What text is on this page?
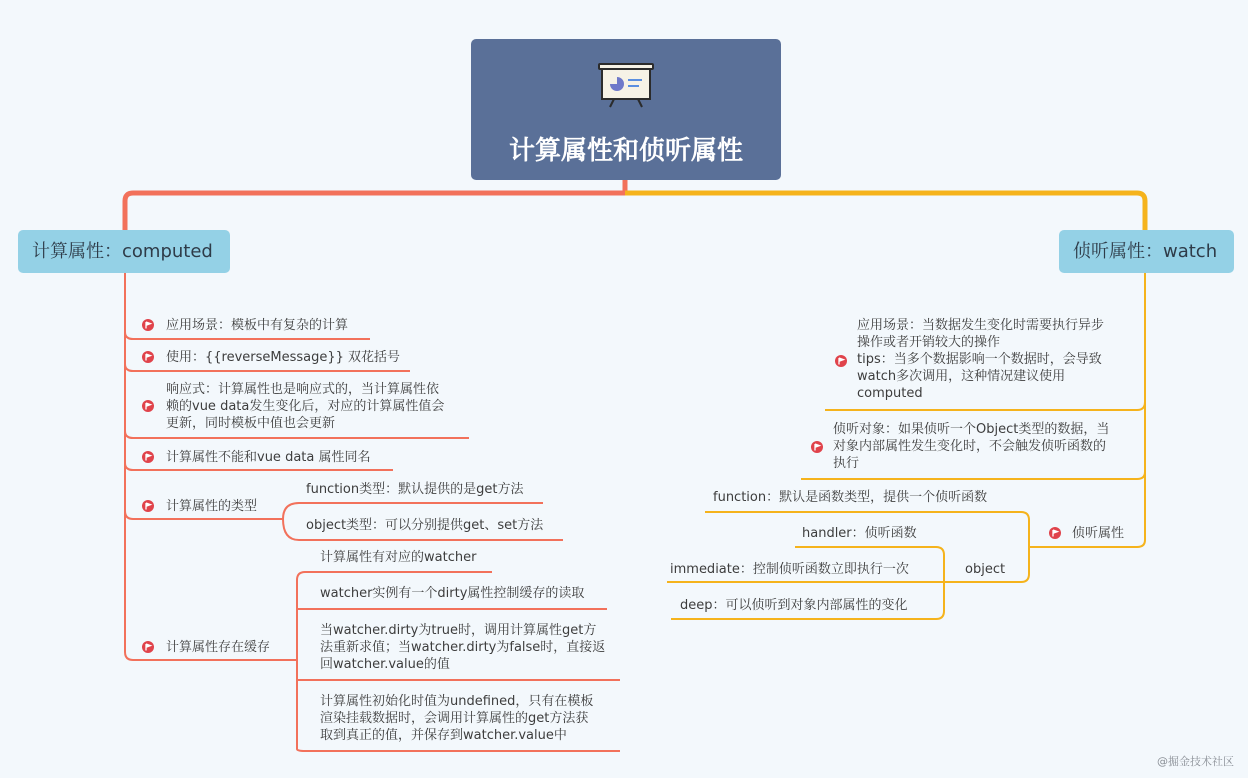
计算属性和侦听属性
计算属性：computed	侦听属性：watch
应用场景：模板中有复杂的计算
使用：{{reverseMessage}} 双花括号
响应式：计算属性也是响应式的，当计算属性依
赖的vue data发生变化后，对应的计算属性值会
更新，同时模板中值也会更新
计算属性不能和vue data 属性同名
计算属性的类型
function类型：默认提供的是get方法
object类型：可以分别提供get、set方法
计算属性存在缓存
计算属性有对应的watcher
watcher实例有一个dirty属性控制缓存的读取
当watcher.dirty为true时，调用计算属性get方
法重新求值；当watcher.dirty为false时，直接返
回watcher.value的值
计算属性初始化时值为undefined，只有在模板
渲染挂载数据时，会调用计算属性的get方法获
取到真正的值，并保存到watcher.value中
应用场景：当数据发生变化时需要执行异步
操作或者开销较大的操作
tips：当多个数据影响一个数据时，会导致
watch多次调用，这种情况建议使用
computed
侦听对象：如果侦听一个Object类型的数据，当
对象内部属性发生变化时，不会触发侦听函数的
执行
侦听属性
function：默认是函数类型，提供一个侦听函数
object
handler：侦听函数
immediate：控制侦听函数立即执行一次
deep：可以侦听到对象内部属性的变化
@掘金技术社区
